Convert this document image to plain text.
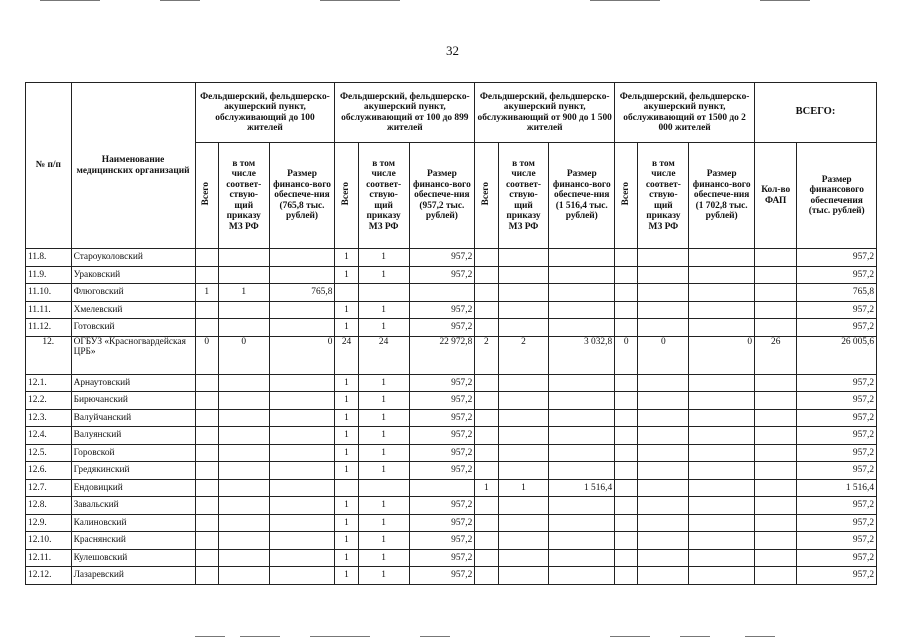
32
№ п/п	Наименование медицинских организаций	Фельдшерский, фельдшерско-акушерский пункт, обслуживающий до 100 жителей			Фельдшерский, фельдшерско-акушерский пункт, обслуживающий от 100 до 899 жителей			Фельдшерский, фельдшерско-акушерский пункт, обслуживающий от 900 до 1 500 жителей			Фельдшерский, фельдшерско-акушерский пункт, обслуживающий от 1500 до 2 000 жителей			ВСЕГО:	
		Всего	в том числе соответ-ствую-щий приказу МЗ РФ	Размер финансо-вого обеспече-ния (765,8 тыс. рублей)	Всего	в том числе соответ-ствую-щий приказу МЗ РФ	Размер финансо-вого обеспече-ния (957,2 тыс. рублей)	Всего	в том числе соответ-ствую-щий приказу МЗ РФ	Размер финансо-вого обеспече-ния (1 516,4 тыс. рублей)	Всего	в том числе соответ-ствую-щий приказу МЗ РФ	Размер финансо-вого обеспече-ния (1 702,8 тыс. рублей)	Кол-во ФАП	Размер финансового обеспечения (тыс. рублей)
11.8.	Староуколовский				1	1	957,2								957,2
11.9.	Ураковский				1	1	957,2								957,2
11.10.	Флюговский	1	1	765,8											765,8
11.11.	Хмелевский				1	1	957,2								957,2
11.12.	Готовский				1	1	957,2								957,2
12.	ОГБУЗ «Красногвардейская ЦРБ»	0	0	0	24	24	22 972,8	2	2	3 032,8	0	0	0	26	26 005,6
12.1.	Арнаутовский				1	1	957,2								957,2
12.2.	Бирючанский				1	1	957,2								957,2
12.3.	Валуйчанский				1	1	957,2								957,2
12.4.	Валуянский				1	1	957,2								957,2
12.5.	Горовской				1	1	957,2								957,2
12.6.	Гредякинский				1	1	957,2								957,2
12.7.	Ендовицкий							1	1	1 516,4					1 516,4
12.8.	Завальский				1	1	957,2								957,2
12.9.	Калиновский				1	1	957,2								957,2
12.10.	Краснянский				1	1	957,2								957,2
12.11.	Кулешовский				1	1	957,2								957,2
12.12.	Лазаревский				1	1	957,2								957,2
